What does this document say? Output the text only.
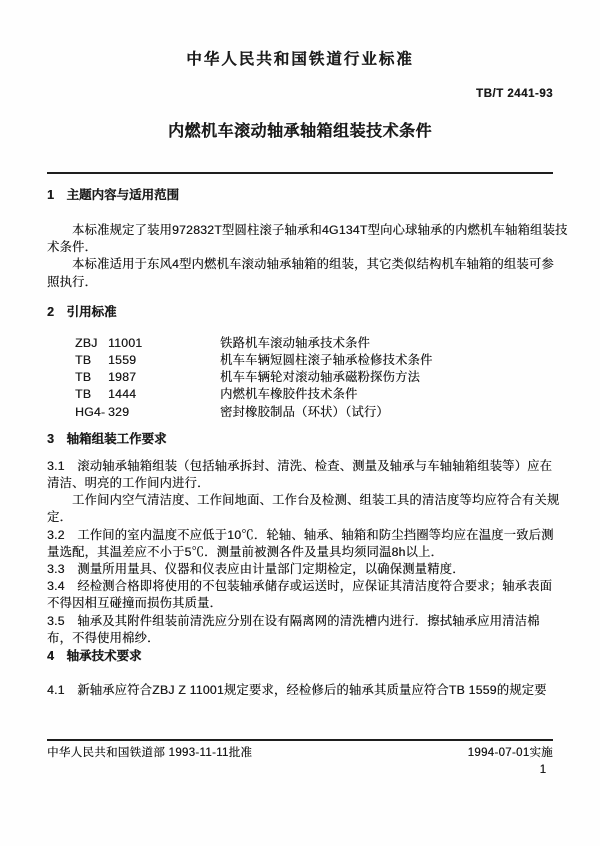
中华人民共和国铁道行业标准
TB/T 2441-93
内燃机车滚动轴承轴箱组装技术条件
1　主题内容与适用范围
　　本标准规定了装用972832T型圆柱滚子轴承和4G134T型向心球轴承的内燃机车轴箱组装技
术条件．
　　本标准适用于东风4型内燃机车滚动轴承轴箱的组装，其它类似结构机车轴箱的组装可参
照执行．
2　引用标准
ZBJ 11001	铁路机车滚动轴承技术条件
TB	1559	机车车辆短圆柱滚子轴承检修技术条件
TB	1987	机车车辆轮对滚动轴承磁粉探伤方法
TB	1444	内燃机车橡胶件技术条件
HG4- 329	密封橡胶制品（环状）（试行）
3　轴箱组装工作要求
3.1　滚动轴承轴箱组装（包括轴承拆封、清洗、检查、测量及轴承与车轴轴箱组装等）应在
清洁、明亮的工作间内进行．
　　工作间内空气清洁度、工作间地面、工作台及检测、组装工具的清洁度等均应符合有关规
定．
3.2　工作间的室内温度不应低于10℃．轮轴、轴承、轴箱和防尘挡圈等均应在温度一致后测
量选配，其温差应不小于5℃．测量前被测各件及量具均须同温8h以上．
3.3　测量所用量具、仪器和仪表应由计量部门定期检定，以确保测量精度．
3.4　经检测合格即将使用的不包装轴承储存或运送时，应保证其清洁度符合要求；轴承表面
不得因相互碰撞而损伤其质量．
3.5　轴承及其附件组装前清洗应分别在设有隔离网的清洗槽内进行．擦拭轴承应用清洁棉
布，不得使用棉纱．
4　轴承技术要求
4.1　新轴承应符合ZBJ Z 11001规定要求，经检修后的轴承其质量应符合TB 1559的规定要
中华人民共和国铁道部 1993-11-11批准	1994-07-01实施
1
